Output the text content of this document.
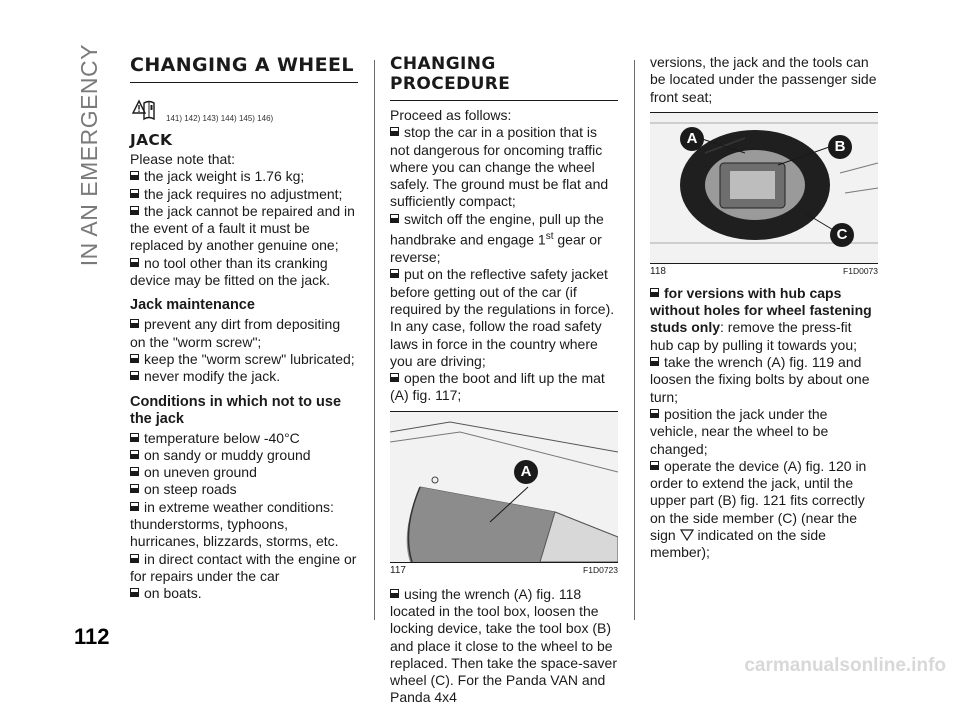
IN AN EMERGENCY CHANGING A WHEEL
141) 142) 143) 144) 145) 146)
JACK

Please note that:

the jack weight is 1.76 kg;
the jack requires no adjustment;
the jack cannot be repaired and in the event of a fault it must be replaced by another genuine one;
no tool other than its cranking device may be fitted on the jack.
Jack maintenance
prevent any dirt from depositing on the "worm screw";
keep the "worm screw" lubricated;
never modify the jack.
Conditions in which not to use the jack
temperature below -40°C
on sandy or muddy ground
on uneven ground
on steep roads
in extreme weather conditions: thunderstorms, typhoons, hurricanes, blizzards, storms, etc.
in direct contact with the engine or for repairs under the car
on boats.
CHANGING PROCEDURE

Proceed as follows:

stop the car in a position that is not dangerous for oncoming traffic where you can change the wheel safely. The ground must be flat and sufficiently compact;
switch off the engine, pull up the handbrake and engage 1st gear or reverse;
put on the reflective safety jacket before getting out of the car (if required by the regulations in force). In any case, follow the road safety laws in force in the country where you are driving;
open the boot and lift up the mat (A) fig. 117;
A
117	F1D0723
using the wrench (A) fig. 118 located in the tool box, loosen the locking device, take the tool box (B) and place it close to the wheel to be replaced. Then take the space-saver wheel (C). For the Panda VAN and Panda 4x4

versions, the jack and the tools can be located under the passenger side front seat;

A	B
C
118	F1D0073
for versions with hub caps without holes for wheel fastening studs only: remove the press-fit hub cap by pulling it towards you;
take the wrench (A) fig. 119 and loosen the fixing bolts by about one turn;
position the jack under the vehicle, near the wheel to be changed;
operate the device (A) fig. 120 in order to extend the jack, until the upper part (B) fig. 121 fits correctly on the side member (C) (near the sign indicated on the side member);
112
carmanualsonline.info
